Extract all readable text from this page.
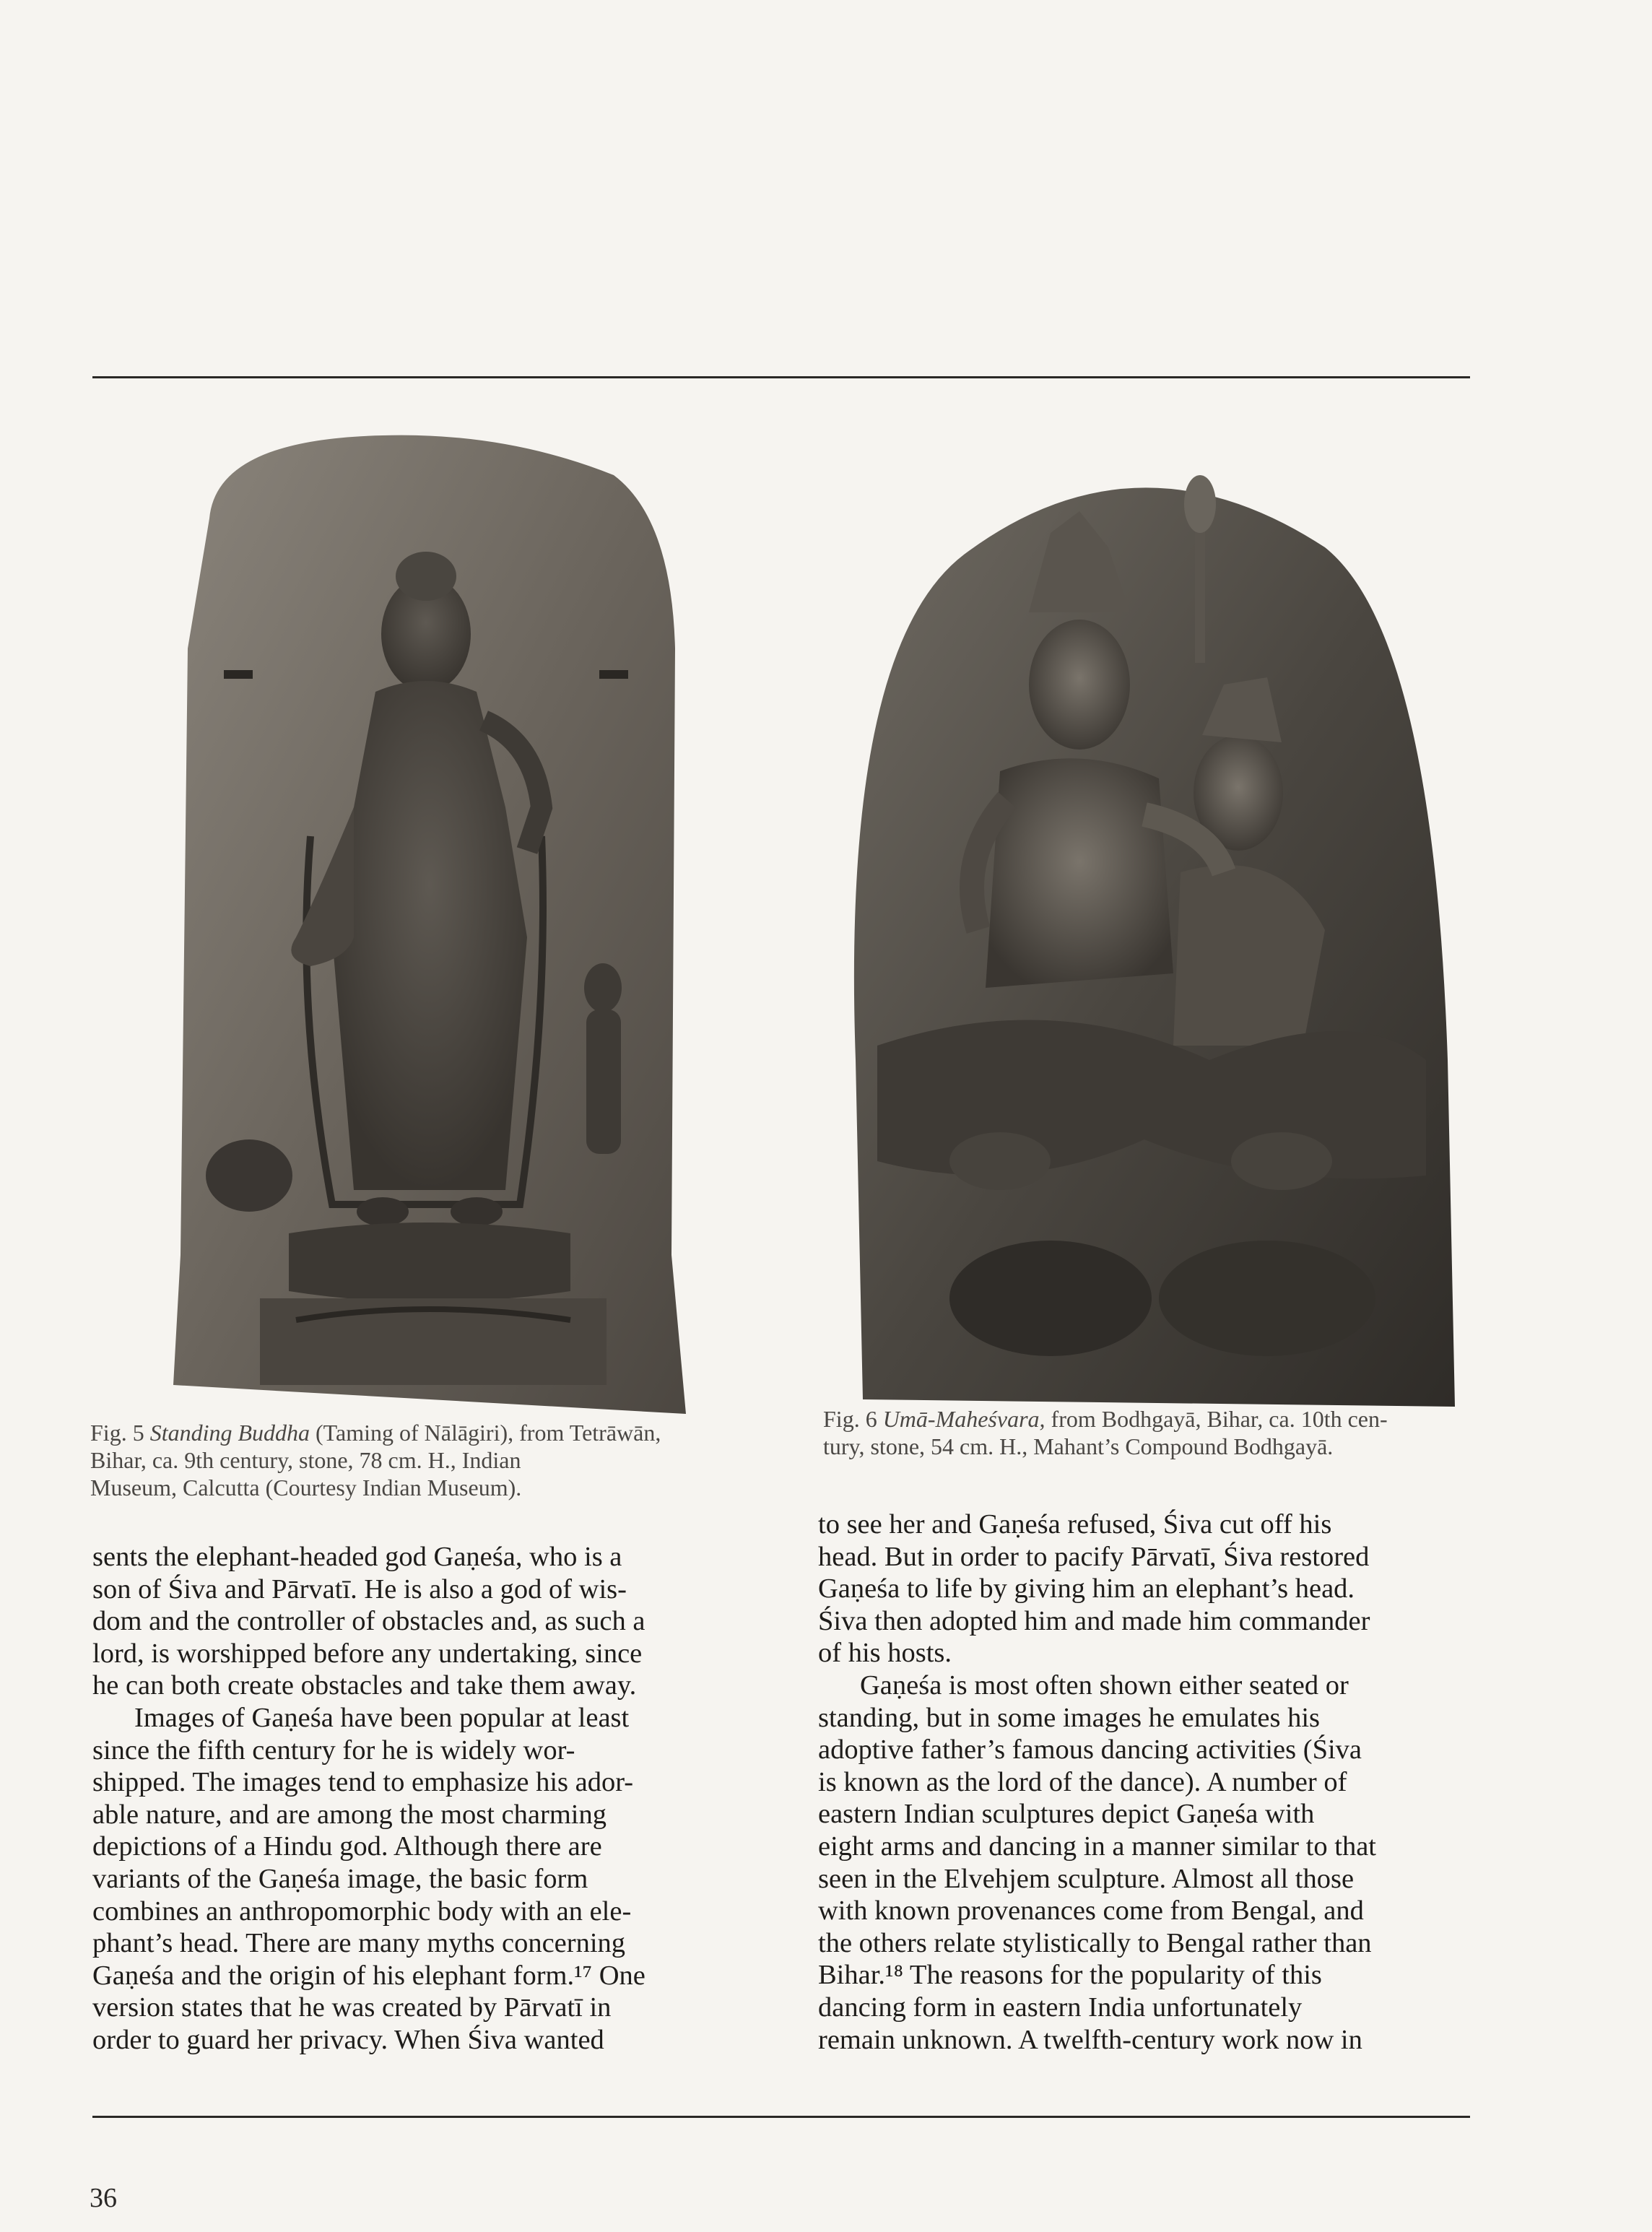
Fig. 5 Standing Buddha (Taming of Nālāgiri), from Tetrāwān,
Bihar, ca. 9th century, stone, 78 cm. H., Indian
Museum, Calcutta (Courtesy Indian Museum).

Fig. 6 Umā-Maheśvara, from Bodhgayā, Bihar, ca. 10th cen-
tury, stone, 54 cm. H., Mahant’s Compound Bodhgayā.

sents the elephant-headed god Gaṇeśa, who is a
son of Śiva and Pārvatī. He is also a god of wis-
dom and the controller of obstacles and, as such a
lord, is worshipped before any undertaking, since
he can both create obstacles and take them away.
Images of Gaṇeśa have been popular at least
since the fifth century for he is widely wor-
shipped. The images tend to emphasize his ador-
able nature, and are among the most charming
depictions of a Hindu god. Although there are
variants of the Gaṇeśa image, the basic form
combines an anthropomorphic body with an ele-
phant’s head. There are many myths concerning
Gaṇeśa and the origin of his elephant form.¹⁷ One
version states that he was created by Pārvatī in
order to guard her privacy. When Śiva wanted
to see her and Gaṇeśa refused, Śiva cut off his
head. But in order to pacify Pārvatī, Śiva restored
Gaṇeśa to life by giving him an elephant’s head.
Śiva then adopted him and made him commander
of his hosts.
Gaṇeśa is most often shown either seated or
standing, but in some images he emulates his
adoptive father’s famous dancing activities (Śiva
is known as the lord of the dance). A number of
eastern Indian sculptures depict Gaṇeśa with
eight arms and dancing in a manner similar to that
seen in the Elvehjem sculpture. Almost all those
with known provenances come from Bengal, and
the others relate stylistically to Bengal rather than
Bihar.¹⁸ The reasons for the popularity of this
dancing form in eastern India unfortunately
remain unknown. A twelfth-century work now in
36
